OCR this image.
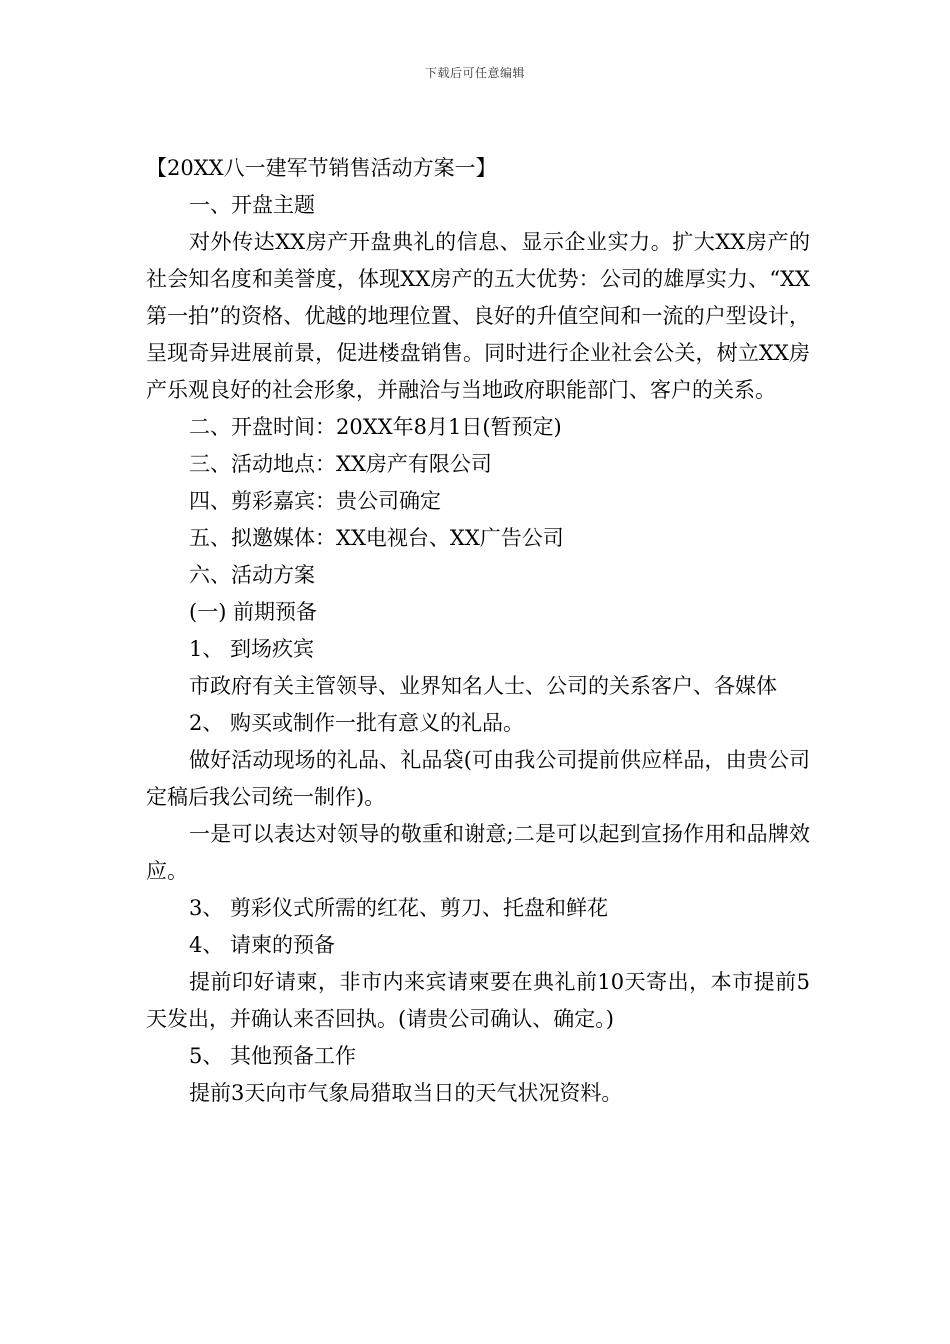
下载后可任意编辑
【20XX八一建军节销售活动方案一】

一、开盘主题

对外传达XX房产开盘典礼的信息、显示企业实力。扩大XX房产的社会知名度和美誉度，体现XX房产的五大优势：公司的雄厚实力、“XX第一拍”的资格、优越的地理位置、良好的升值空间和一流的户型设计，呈现奇异进展前景，促进楼盘销售。同时进行企业社会公关，树立XX房产乐观良好的社会形象，并融洽与当地政府职能部门、客户的关系。

二、开盘时间：20XX年8月1日(暂预定)

三、活动地点：XX房产有限公司

四、剪彩嘉宾：贵公司确定

五、拟邀媒体：XX电视台、XX广告公司

六、活动方案

(一) 前期预备

1、 到场疚宾

市政府有关主管领导、业界知名人士、公司的关系客户、各媒体

2、 购买或制作一批有意义的礼品。

做好活动现场的礼品、礼品袋(可由我公司提前供应样品，由贵公司定稿后我公司统一制作)。

一是可以表达对领导的敬重和谢意;二是可以起到宣扬作用和品牌效应。

3、 剪彩仪式所需的红花、剪刀、托盘和鲜花

4、 请柬的预备

提前印好请柬，非市内来宾请柬要在典礼前10天寄出，本市提前5天发出，并确认来否回执。(请贵公司确认、确定。)

5、 其他预备工作

提前3天向市气象局猎取当日的天气状况资料。
